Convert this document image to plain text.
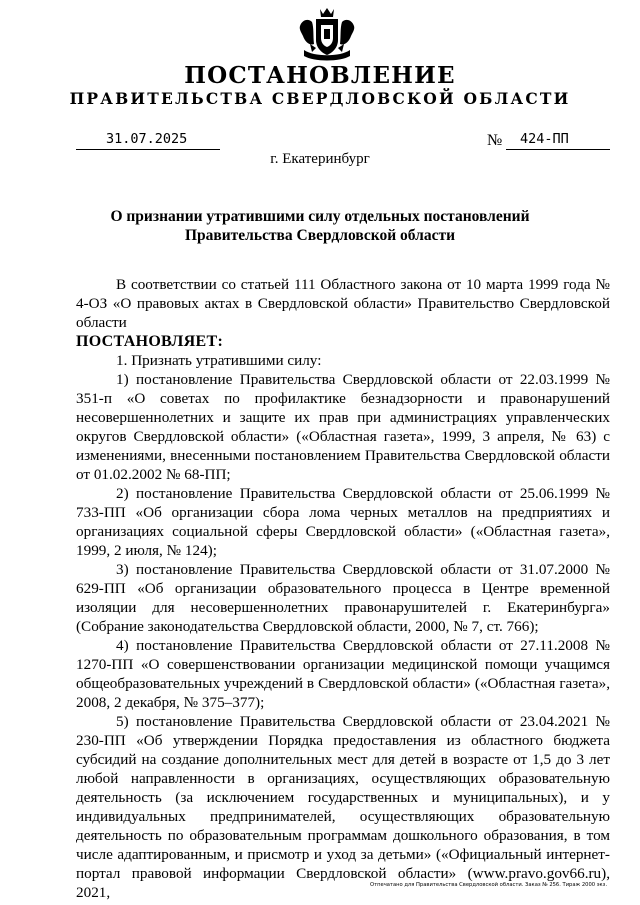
ПОСТАНОВЛЕНИЕ
ПРАВИТЕЛЬСТВА СВЕРДЛОВСКОЙ ОБЛАСТИ
31.07.2025	№ 424-ПП
г. Екатеринбург
О признании утратившими силу отдельных постановлений
Правительства Свердловской области

В соответствии со статьей 111 Областного закона от 10 марта 1999 года № 4-ОЗ «О правовых актах в Свердловской области» Правительство Свердловской области

ПОСТАНОВЛЯЕТ:

1. Признать утратившими силу:

1) постановление Правительства Свердловской области от 22.03.1999 № 351-п «О советах по профилактике безнадзорности и правонарушений несовершеннолетних и защите их прав при администрациях управленческих округов Свердловской области» («Областная газета», 1999, 3 апреля, № 63) с изменениями, внесенными постановлением Правительства Свердловской области от 01.02.2002 № 68-ПП;

2) постановление Правительства Свердловской области от 25.06.1999 № 733-ПП «Об организации сбора лома черных металлов на предприятиях и организациях социальной сферы Свердловской области» («Областная газета», 1999, 2 июля, № 124);

3) постановление Правительства Свердловской области от 31.07.2000 № 629-ПП «Об организации образовательного процесса в Центре временной изоляции для несовершеннолетних правонарушителей г. Екатеринбурга» (Собрание законодательства Свердловской области, 2000, № 7, ст. 766);

4) постановление Правительства Свердловской области от 27.11.2008 № 1270-ПП «О совершенствовании организации медицинской помощи учащимся общеобразовательных учреждений в Свердловской области» («Областная газета», 2008, 2 декабря, № 375–377);

5) постановление Правительства Свердловской области от 23.04.2021 № 230-ПП «Об утверждении Порядка предоставления из областного бюджета субсидий на создание дополнительных мест для детей в возрасте от 1,5 до 3 лет любой направленности в организациях, осуществляющих образовательную деятельность (за исключением государственных и муниципальных), и у индивидуальных предпринимателей, осуществляющих образовательную деятельность по образовательным программам дошкольного образования, в том числе адаптированным, и присмотр и уход за детьми» («Официальный интернет-портал правовой информации Свердловской области» (www.pravo.gov66.ru), 2021,	Отпечатано для Правительства Свердловской области. Заказ № 256. Тираж 2000 экз.
